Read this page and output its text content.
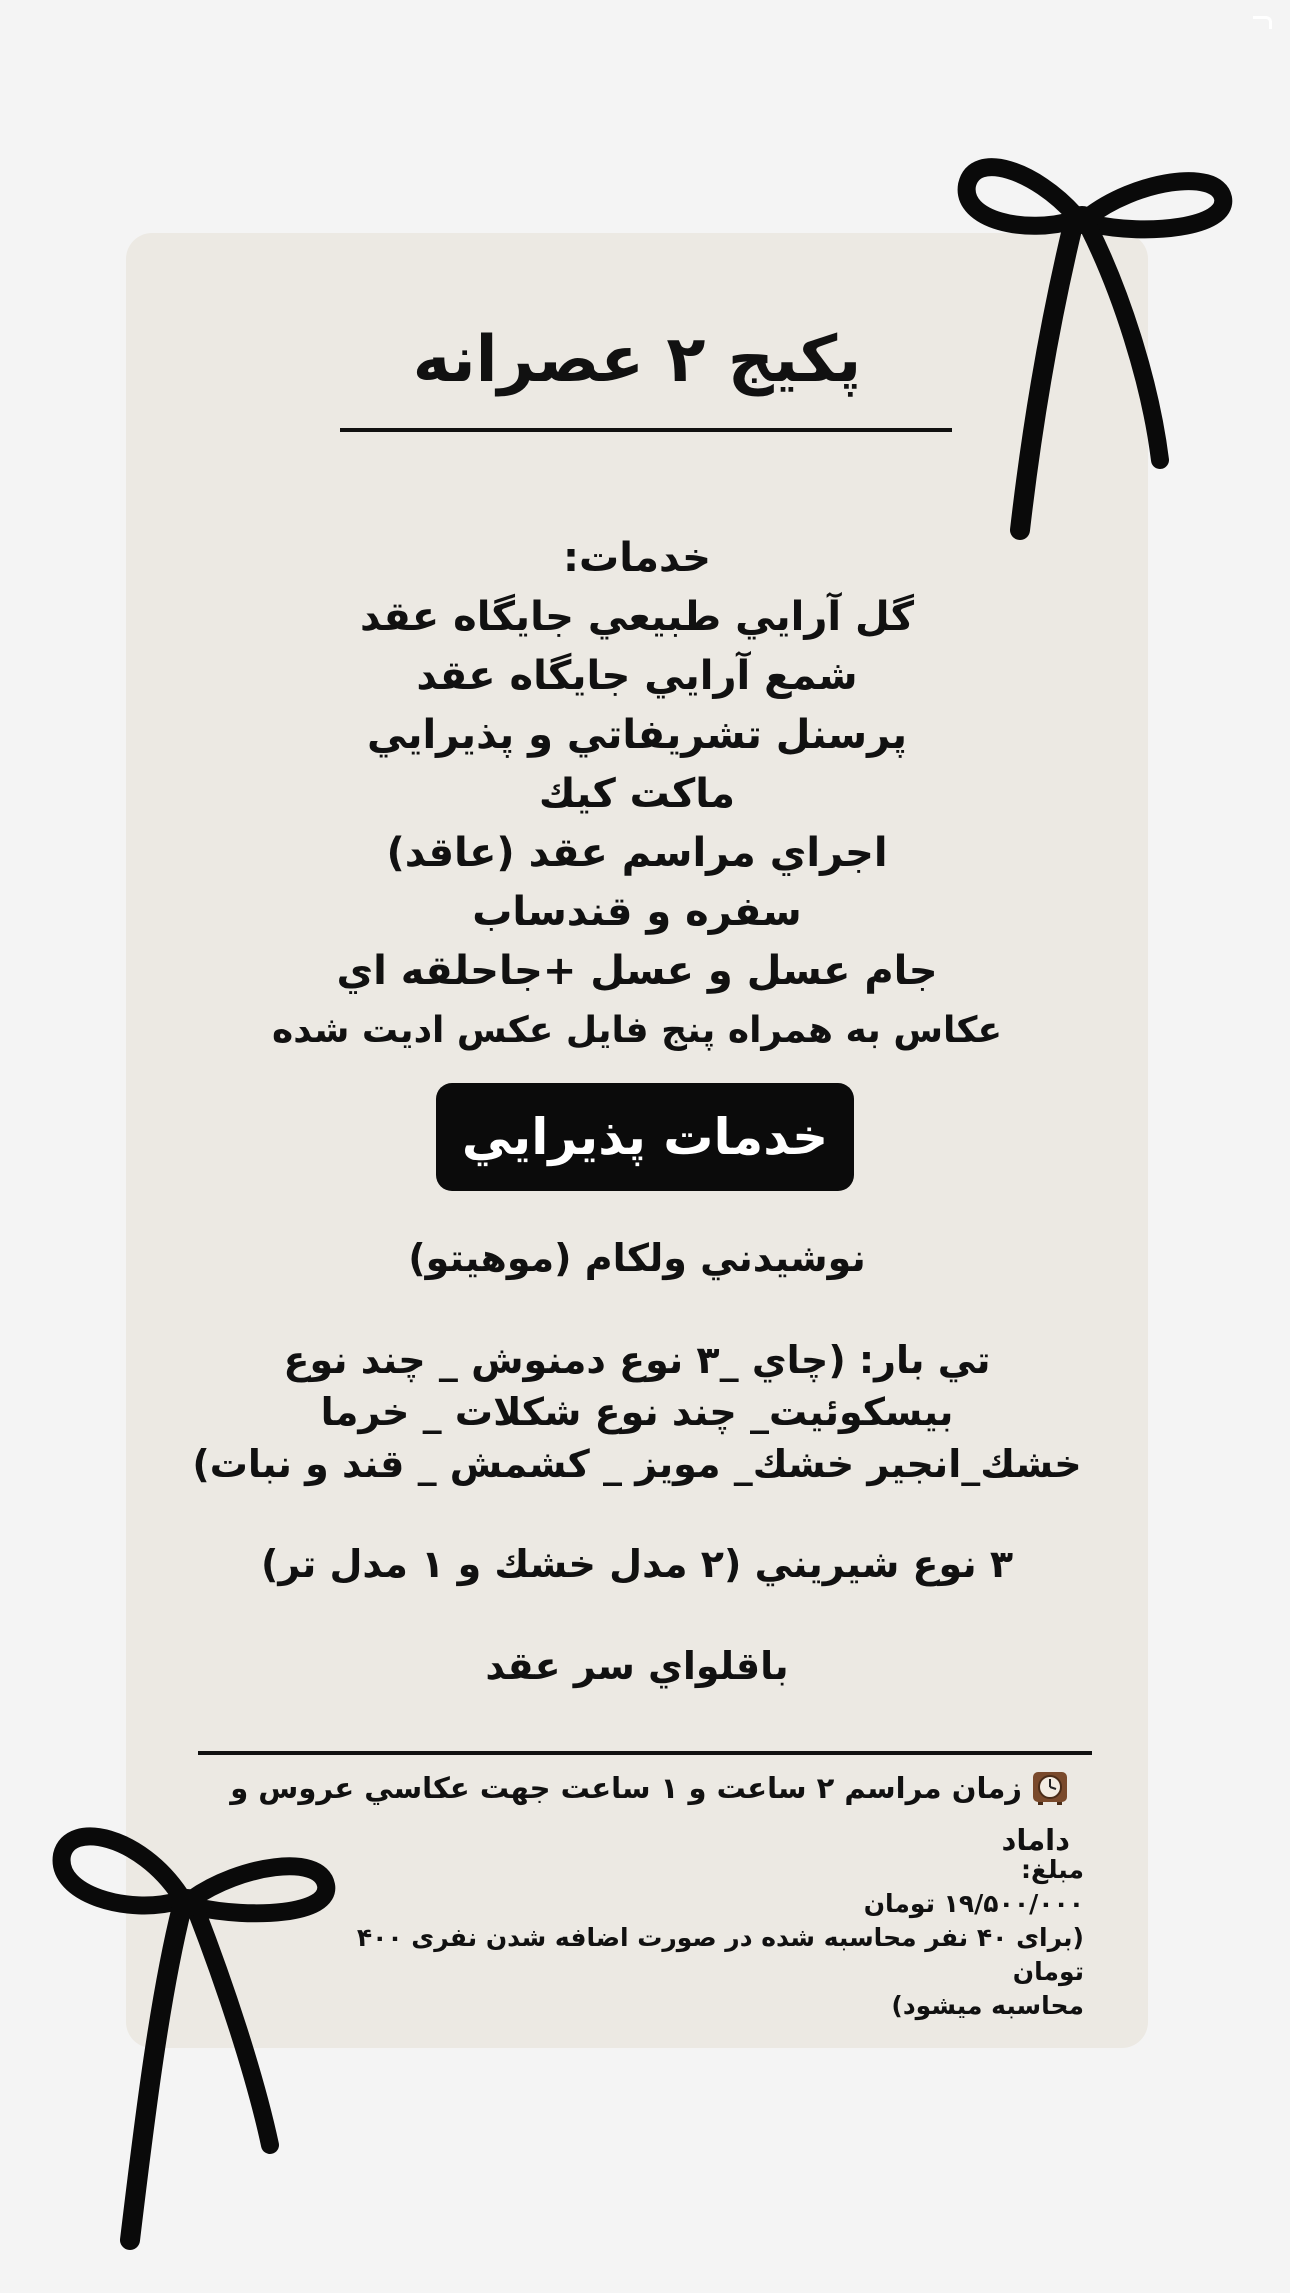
پکیج ۲ عصرانه
خدمات:
گل آرايي طبيعي جايگاه عقد
شمع آرايي جايگاه عقد
پرسنل تشريفاتي و پذيرايي
ماکت کيك
اجراي مراسم عقد (عاقد)
سفره و قندساب
جام عسل و عسل +جاحلقه اي
عكاس به همراه پنج فايل عكس اديت شده
خدمات پذيرايي

نوشيدني ولكام (موهيتو)

تي بار: (چاي _۳ نوع دمنوش _ چند نوع
بيسكوئيت_ چند نوع شكلات _ خرما
خشك_انجير خشك_ مويز _ كشمش _ قند و نبات)

۳ نوع شيريني (۲ مدل خشك و ۱ مدل تر)

باقلواي سر عقد

زمان مراسم ۲ ساعت و ۱ ساعت جهت عكاسي عروس و داماد
مبلغ:
۱۹/۵۰۰/۰۰۰ تومان
(برای ۴۰ نفر محاسبه شده در صورت اضافه شدن نفری ۴۰۰ تومان
محاسبه میشود)
